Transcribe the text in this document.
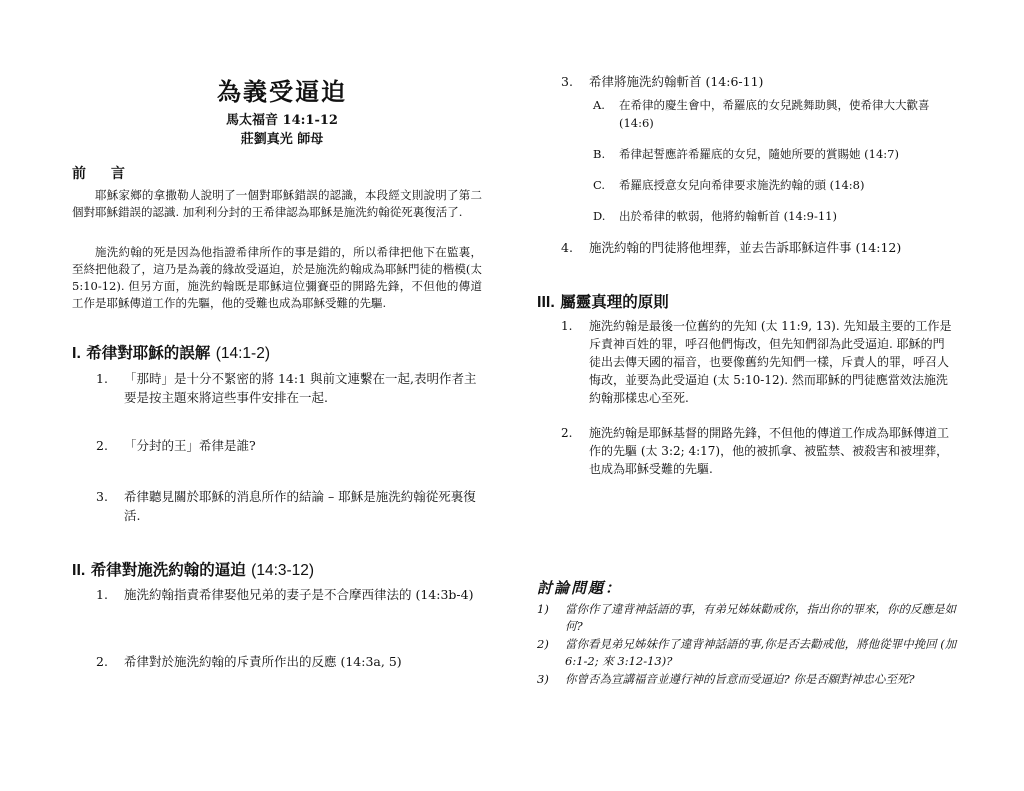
為義受逼迫
馬太福音 14:1-12
莊劉真光 師母
前 言
耶穌家鄉的拿撒勒人說明了一個對耶穌錯誤的認識，本段經文則說明了第二個對耶穌錯誤的認識. 加利利分封的王希律認為耶穌是施洗約翰從死裏復活了.
施洗約翰的死是因為他指證希律所作的事是錯的，所以希律把他下在監裏，至終把他殺了，這乃是為義的緣故受逼迫，於是施洗約翰成為耶穌門徒的楷模(太 5:10-12). 但另方面，施洗約翰既是耶穌這位彌賽亞的開路先鋒，不但他的傳道工作是耶穌傳道工作的先驅，他的受難也成為耶穌受難的先驅.
I. 希律對耶穌的誤解 (14:1-2)
1. 「那時」是十分不緊密的將 14:1 與前文連繫在一起,表明作者主要是按主題來將這些事件安排在一起.
2. 「分封的王」希律是誰?
3. 希律聽見關於耶穌的消息所作的結論 – 耶穌是施洗約翰從死裏復活.
II. 希律對施洗約翰的逼迫 (14:3-12)
1. 施洗約翰指責希律娶他兄弟的妻子是不合摩西律法的 (14:3b-4)
2. 希律對於施洗約翰的斥責所作出的反應 (14:3a, 5)
3. 希律將施洗約翰斬首 (14:6-11)
A. 在希律的慶生會中，希羅底的女兒跳舞助興，使希律大大歡喜 (14:6)
B. 希律起誓應許希羅底的女兒，隨她所要的賞賜她 (14:7)
C. 希羅底授意女兒向希律要求施洗約翰的頭 (14:8)
D. 出於希律的軟弱，他將約翰斬首 (14:9-11)
4. 施洗約翰的門徒將他埋葬，並去告訴耶穌這件事 (14:12)
III. 屬靈真理的原則
1. 施洗約翰是最後一位舊約的先知 (太 11:9, 13). 先知最主要的工作是斥責神百姓的罪，呼召他們悔改，但先知們卻為此受逼迫. 耶穌的門徒出去傳天國的福音，也要像舊約先知們一樣，斥責人的罪，呼召人悔改，並要為此受逼迫 (太 5:10-12). 然而耶穌的門徒應當效法施洗約翰那樣忠心至死.
2. 施洗約翰是耶穌基督的開路先鋒，不但他的傳道工作成為耶穌傳道工作的先驅 (太 3:2; 4:17)，他的被抓拿、被監禁、被殺害和被埋葬，也成為耶穌受難的先驅.
討論問題：
1) 當你作了違背神話語的事，有弟兄姊妹勸戒你，指出你的罪來，你的反應是如何?
2) 當你看見弟兄姊妹作了違背神話語的事,你是否去勸戒他，將他從罪中挽回 (加 6:1-2; 來 3:12-13)?
3) 你曾否為宣講福音並遵行神的旨意而受逼迫? 你是否願對神忠心至死?
